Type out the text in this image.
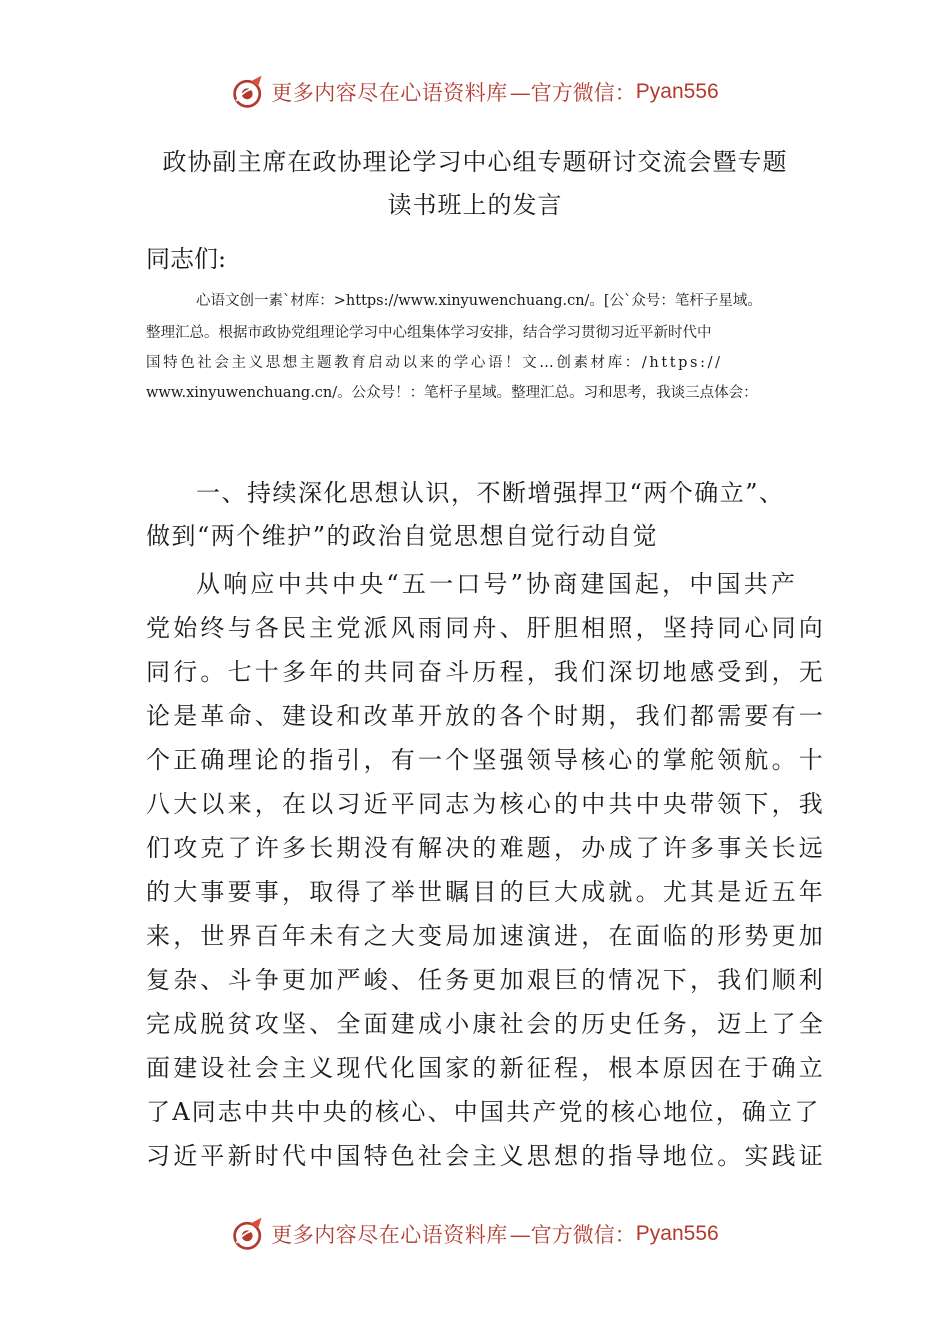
更多内容尽在心语资料库 —官方微信： Pyan556
政协副主席在政协理论学习中心组专题研讨交流会暨专题
读书班上的发言
同志们:
心语文创一素`材库：>https://www.xinyuwenchuang.cn/。[公`众号：笔杆子星域。
整理汇总。根据市政协党组理论学习中心组集体学习安排，结合学习贯彻习近平新时代中
国特色社会主义思想主题教育启动以来的学心语！文…创素材库：/https://
www.xinyuwenchuang.cn/。公众号！：笔杆子星域。整理汇总。习和思考，我谈三点体会：
一、持续深化思想认识，不断增强捍卫“两个确立”、
做到“两个维护”的政治自觉思想自觉行动自觉
从响应中共中央“五一口号”协商建国起，中国共产
党始终与各民主党派风雨同舟、肝胆相照，坚持同心同向
同行。七十多年的共同奋斗历程，我们深切地感受到，无
论是革命、建设和改革开放的各个时期，我们都需要有一
个正确理论的指引，有一个坚强领导核心的掌舵领航。十
八大以来，在以习近平同志为核心的中共中央带领下，我
们攻克了许多长期没有解决的难题，办成了许多事关长远
的大事要事，取得了举世瞩目的巨大成就。尤其是近五年
来，世界百年未有之大变局加速演进，在面临的形势更加
复杂、斗争更加严峻、任务更加艰巨的情况下，我们顺利
完成脱贫攻坚、全面建成小康社会的历史任务，迈上了全
面建设社会主义现代化国家的新征程，根本原因在于确立
了A同志中共中央的核心、中国共产党的核心地位，确立了
习近平新时代中国特色社会主义思想的指导地位。实践证
更多内容尽在心语资料库 —官方微信： Pyan556
